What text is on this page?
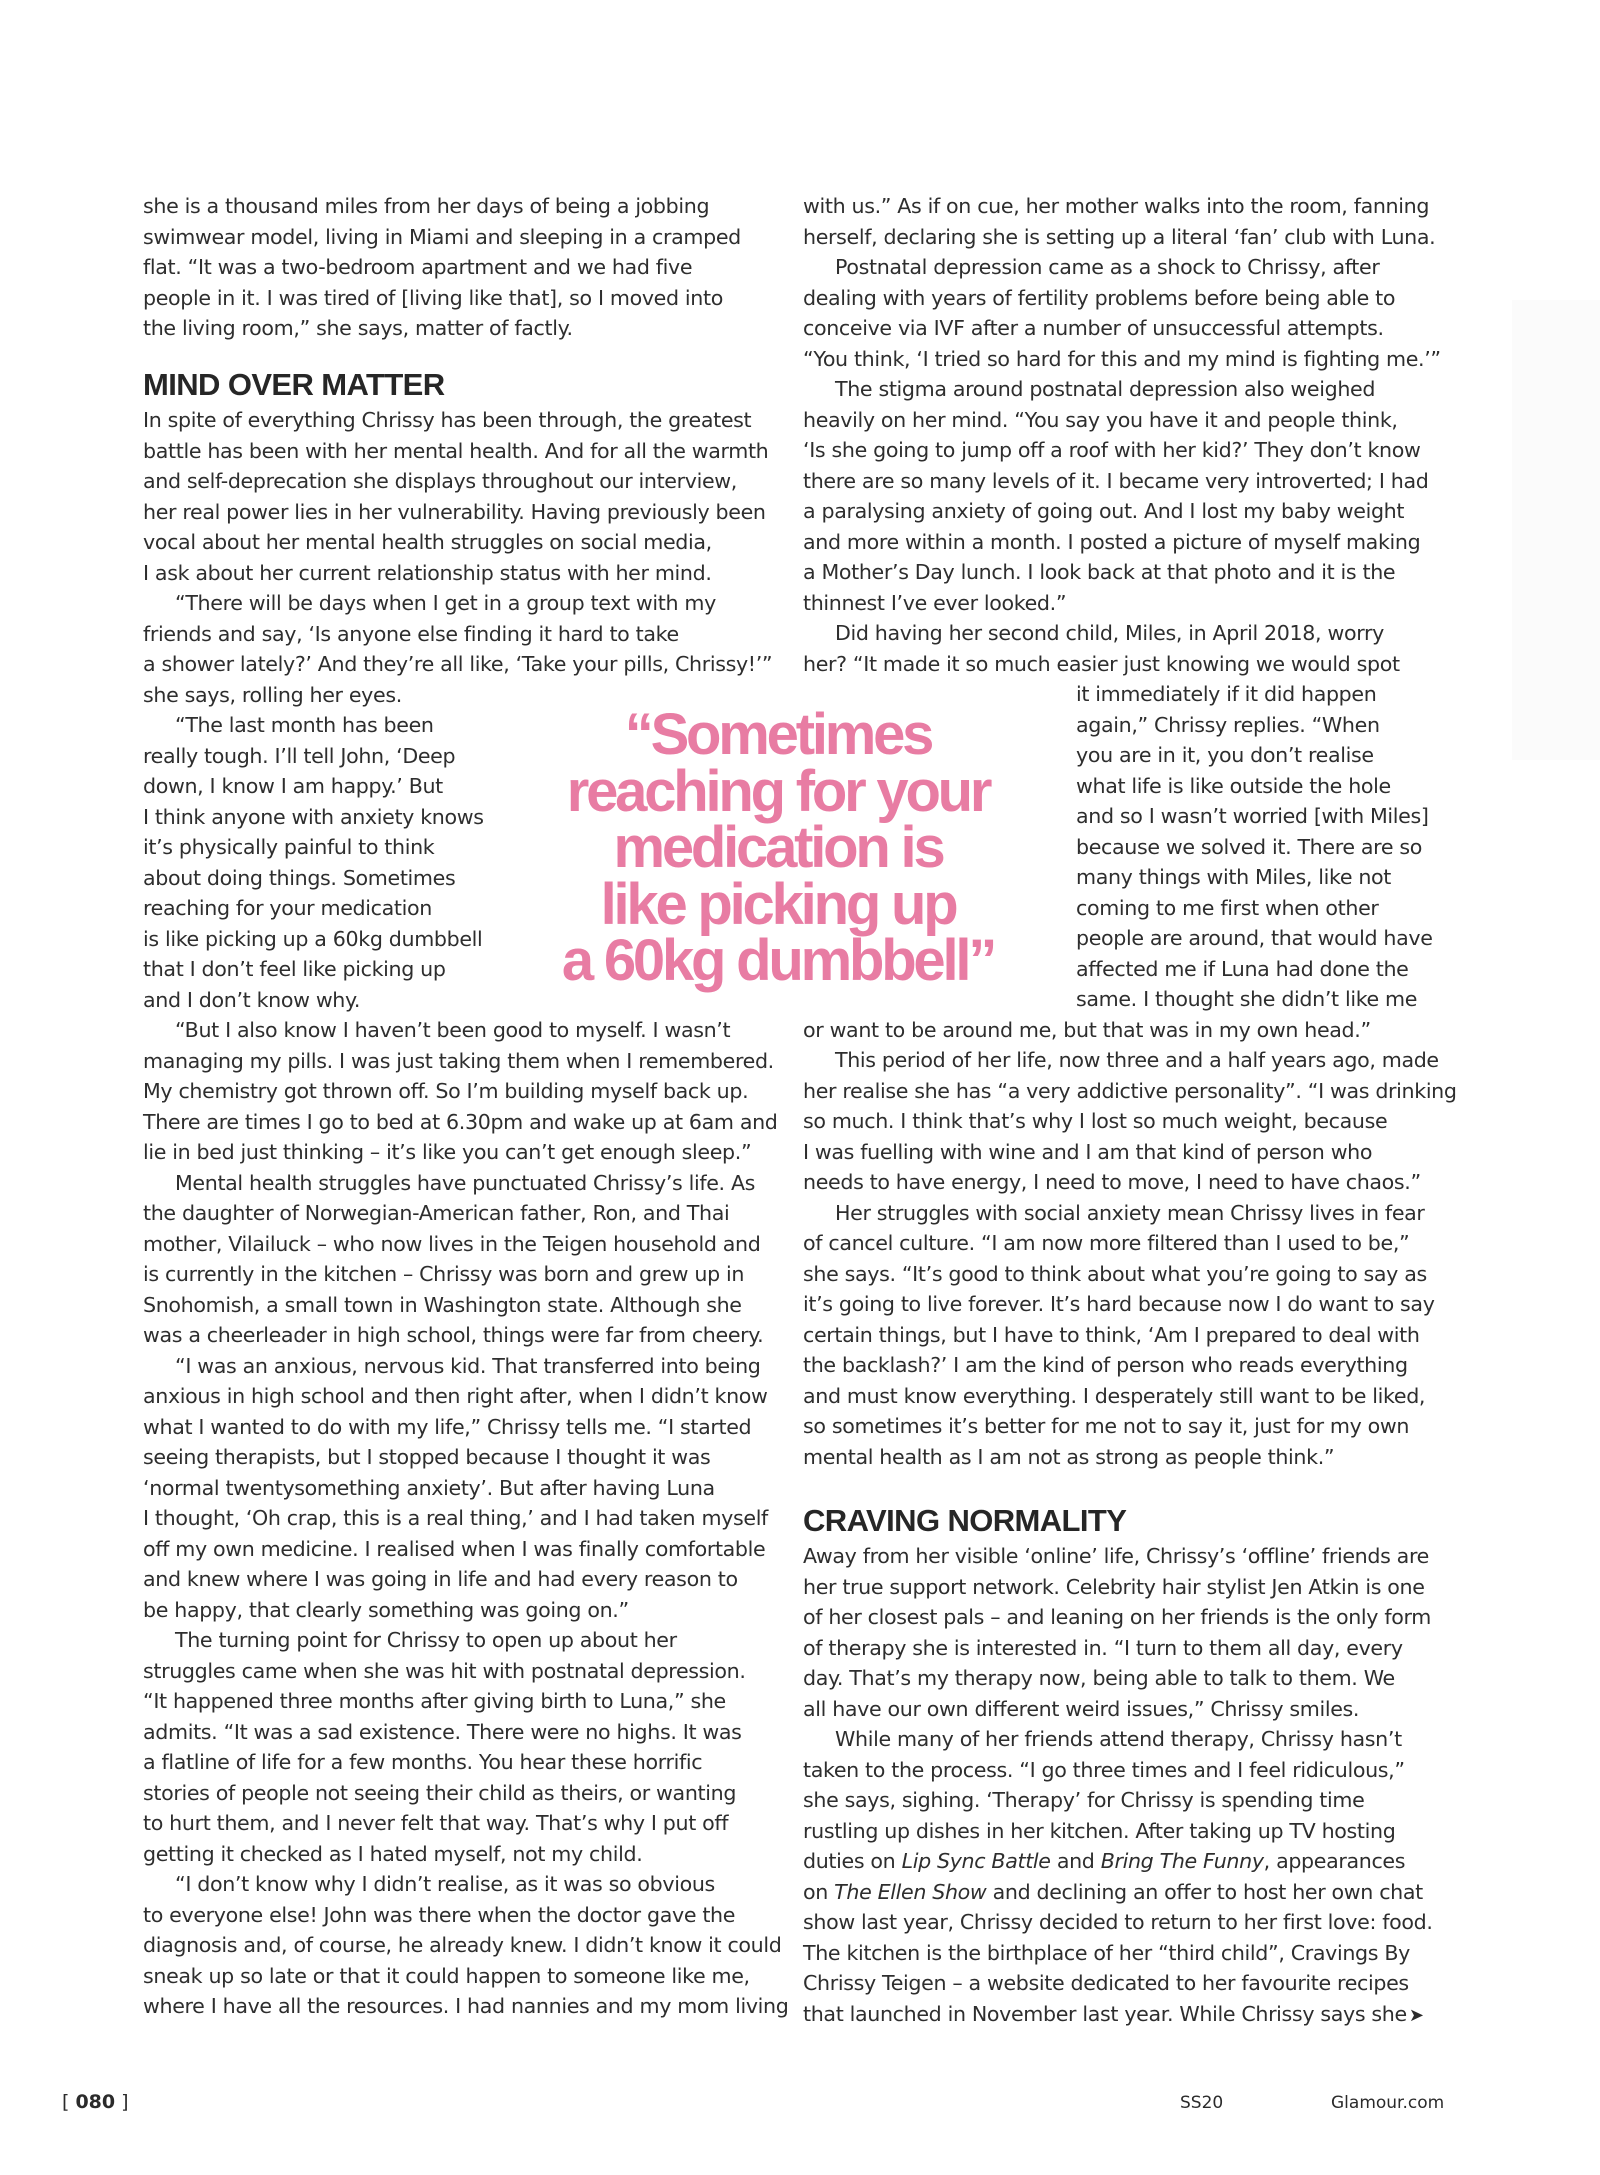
she is a thousand miles from her days of being a jobbing
swimwear model, living in Miami and sleeping in a cramped
flat. “It was a two-bedroom apartment and we had five
people in it. I was tired of [living like that], so I moved into
the living room,” she says, matter of factly.
MIND OVER MATTER
In spite of everything Chrissy has been through, the greatest
battle has been with her mental health. And for all the warmth
and self-deprecation she displays throughout our interview,
her real power lies in her vulnerability. Having previously been
vocal about her mental health struggles on social media,
I ask about her current relationship status with her mind.
“There will be days when I get in a group text with my
friends and say, ‘Is anyone else finding it hard to take
a shower lately?’ And they’re all like, ‘Take your pills, Chrissy!’”
she says, rolling her eyes.
“The last month has been
really tough. I’ll tell John, ‘Deep
down, I know I am happy.’ But
I think anyone with anxiety knows
it’s physically painful to think
about doing things. Sometimes
reaching for your medication
is like picking up a 60kg dumbbell
that I don’t feel like picking up
and I don’t know why.
“But I also know I haven’t been good to myself. I wasn’t
managing my pills. I was just taking them when I remembered.
My chemistry got thrown off. So I’m building myself back up.
There are times I go to bed at 6.30pm and wake up at 6am and
lie in bed just thinking – it’s like you can’t get enough sleep.”
Mental health struggles have punctuated Chrissy’s life. As
the daughter of Norwegian-American father, Ron, and Thai
mother, Vilailuck – who now lives in the Teigen household and
is currently in the kitchen – Chrissy was born and grew up in
Snohomish, a small town in Washington state. Although she
was a cheerleader in high school, things were far from cheery.
“I was an anxious, nervous kid. That transferred into being
anxious in high school and then right after, when I didn’t know
what I wanted to do with my life,” Chrissy tells me. “I started
seeing therapists, but I stopped because I thought it was
‘normal twentysomething anxiety’. But after having Luna
I thought, ‘Oh crap, this is a real thing,’ and I had taken myself
off my own medicine. I realised when I was finally comfortable
and knew where I was going in life and had every reason to
be happy, that clearly something was going on.”
The turning point for Chrissy to open up about her
struggles came when she was hit with postnatal depression.
“It happened three months after giving birth to Luna,” she
admits. “It was a sad existence. There were no highs. It was
a flatline of life for a few months. You hear these horrific
stories of people not seeing their child as theirs, or wanting
to hurt them, and I never felt that way. That’s why I put off
getting it checked as I hated myself, not my child.
“I don’t know why I didn’t realise, as it was so obvious
to everyone else! John was there when the doctor gave the
diagnosis and, of course, he already knew. I didn’t know it could
sneak up so late or that it could happen to someone like me,
where I have all the resources. I had nannies and my mom living
“Sometimes
reaching for your
medication is
like picking up
a 60kg dumbbell”
with us.” As if on cue, her mother walks into the room, fanning
herself, declaring she is setting up a literal ‘fan’ club with Luna.
Postnatal depression came as a shock to Chrissy, after
dealing with years of fertility problems before being able to
conceive via IVF after a number of unsuccessful attempts.
“You think, ‘I tried so hard for this and my mind is fighting me.’”
The stigma around postnatal depression also weighed
heavily on her mind. “You say you have it and people think,
‘Is she going to jump off a roof with her kid?’ They don’t know
there are so many levels of it. I became very introverted; I had
a paralysing anxiety of going out. And I lost my baby weight
and more within a month. I posted a picture of myself making
a Mother’s Day lunch. I look back at that photo and it is the
thinnest I’ve ever looked.”
Did having her second child, Miles, in April 2018, worry
her? “It made it so much easier just knowing we would spot
it immediately if it did happen
again,” Chrissy replies. “When
you are in it, you don’t realise
what life is like outside the hole
and so I wasn’t worried [with Miles]
because we solved it. There are so
many things with Miles, like not
coming to me first when other
people are around, that would have
affected me if Luna had done the
same. I thought she didn’t like me
or want to be around me, but that was in my own head.”
This period of her life, now three and a half years ago, made
her realise she has “a very addictive personality”. “I was drinking
so much. I think that’s why I lost so much weight, because
I was fuelling with wine and I am that kind of person who
needs to have energy, I need to move, I need to have chaos.”
Her struggles with social anxiety mean Chrissy lives in fear
of cancel culture. “I am now more filtered than I used to be,”
she says. “It’s good to think about what you’re going to say as
it’s going to live forever. It’s hard because now I do want to say
certain things, but I have to think, ‘Am I prepared to deal with
the backlash?’ I am the kind of person who reads everything
and must know everything. I desperately still want to be liked,
so sometimes it’s better for me not to say it, just for my own
mental health as I am not as strong as people think.”
CRAVING NORMALITY
Away from her visible ‘online’ life, Chrissy’s ‘offline’ friends are
her true support network. Celebrity hair stylist Jen Atkin is one
of her closest pals – and leaning on her friends is the only form
of therapy she is interested in. “I turn to them all day, every
day. That’s my therapy now, being able to talk to them. We
all have our own different weird issues,” Chrissy smiles.
While many of her friends attend therapy, Chrissy hasn’t
taken to the process. “I go three times and I feel ridiculous,”
she says, sighing. ‘Therapy’ for Chrissy is spending time
rustling up dishes in her kitchen. After taking up TV hosting
duties on Lip Sync Battle and Bring The Funny, appearances
on The Ellen Show and declining an offer to host her own chat
show last year, Chrissy decided to return to her first love: food.
The kitchen is the birthplace of her “third child”, Cravings By
Chrissy Teigen – a website dedicated to her favourite recipes
that launched in November last year. While Chrissy says she ➤
[ 080 ]	SS20	Glamour.com
